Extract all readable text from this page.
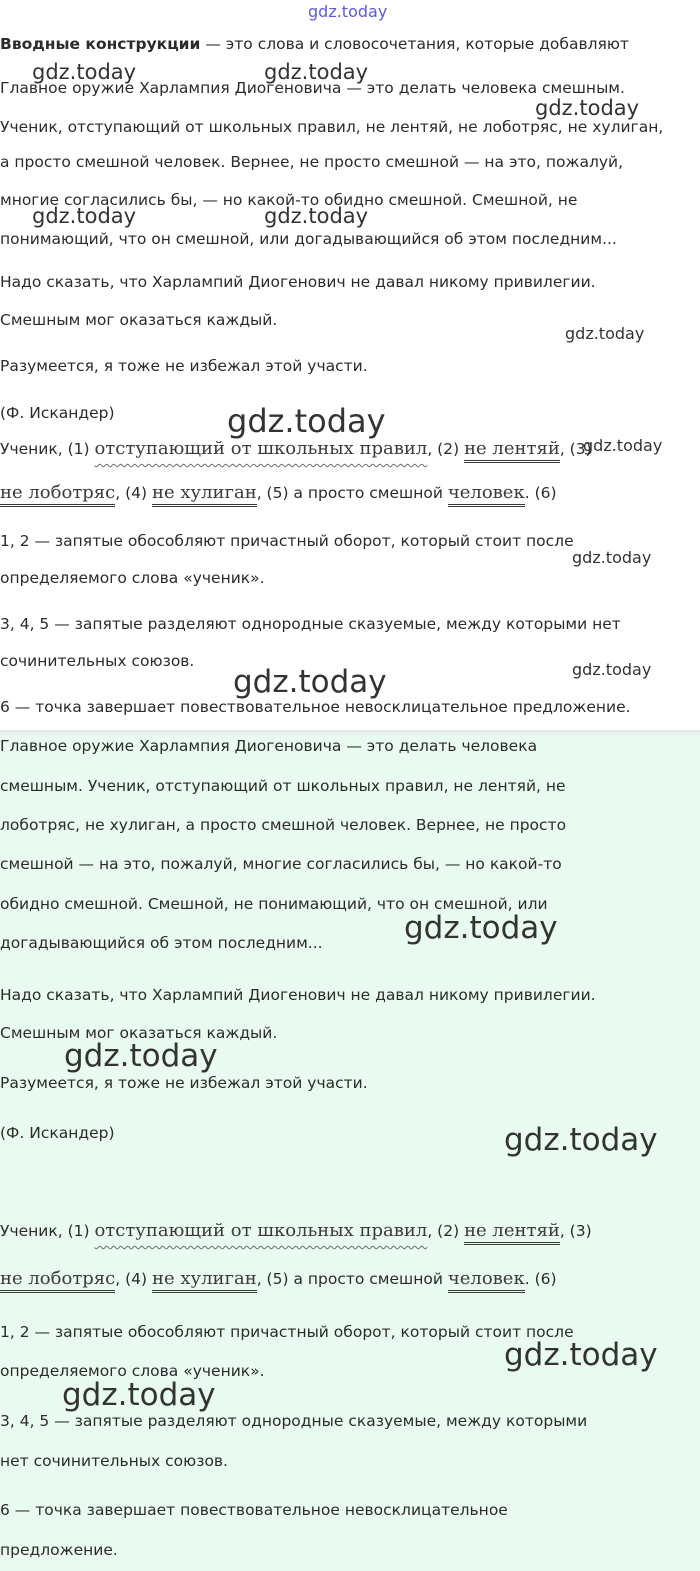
gdz.today
Вводные конструкции — это слова и словосочетания, которые добавляют
Главное оружие Харлампия Диогеновича — это делать человека смешным.
Ученик, отступающий от школьных правил, не лентяй, не лоботряс, не хулиган,
а просто смешной человек. Вернее, не просто смешной — на это, пожалуй,
многие согласились бы, — но какой-то обидно смешной. Смешной, не
понимающий, что он смешной, или догадывающийся об этом последним...
Надо сказать, что Харлампий Диогенович не давал никому привилегии.
Смешным мог оказаться каждый.
Разумеется, я тоже не избежал этой участи.
(Ф. Искандер)
Ученик, (1) отступающий от школьных правил, (2) не лентяй, (3)
не лоботряс, (4) не хулиган, (5) а просто смешной человек. (6)
1, 2 — запятые обособляют причастный оборот, который стоит после
определяемого слова «ученик».
3, 4, 5 — запятые разделяют однородные сказуемые, между которыми нет
сочинительных союзов.
6 — точка завершает повествовательное невосклицательное предложение.
gdz.today	gdz.today
gdz.today
gdz.today	gdz.today
gdz.today
gdz.today
gdz.today
gdz.today
gdz.today
gdz.today
Главное оружие Харлампия Диогеновича — это делать человека
смешным. Ученик, отступающий от школьных правил, не лентяй, не
лоботряс, не хулиган, а просто смешной человек. Вернее, не просто
смешной — на это, пожалуй, многие согласились бы, — но какой-то
обидно смешной. Смешной, не понимающий, что он смешной, или
догадывающийся об этом последним...
Надо сказать, что Харлампий Диогенович не давал никому привилегии.
Смешным мог оказаться каждый.
Разумеется, я тоже не избежал этой участи.
(Ф. Искандер)
Ученик, (1) отступающий от школьных правил, (2) не лентяй, (3)
не лоботряс, (4) не хулиган, (5) а просто смешной человек. (6)
1, 2 — запятые обособляют причастный оборот, который стоит после
определяемого слова «ученик».
3, 4, 5 — запятые разделяют однородные сказуемые, между которыми
нет сочинительных союзов.
6 — точка завершает повествовательное невосклицательное
предложение.
gdz.today
gdz.today
gdz.today
gdz.today
gdz.today
